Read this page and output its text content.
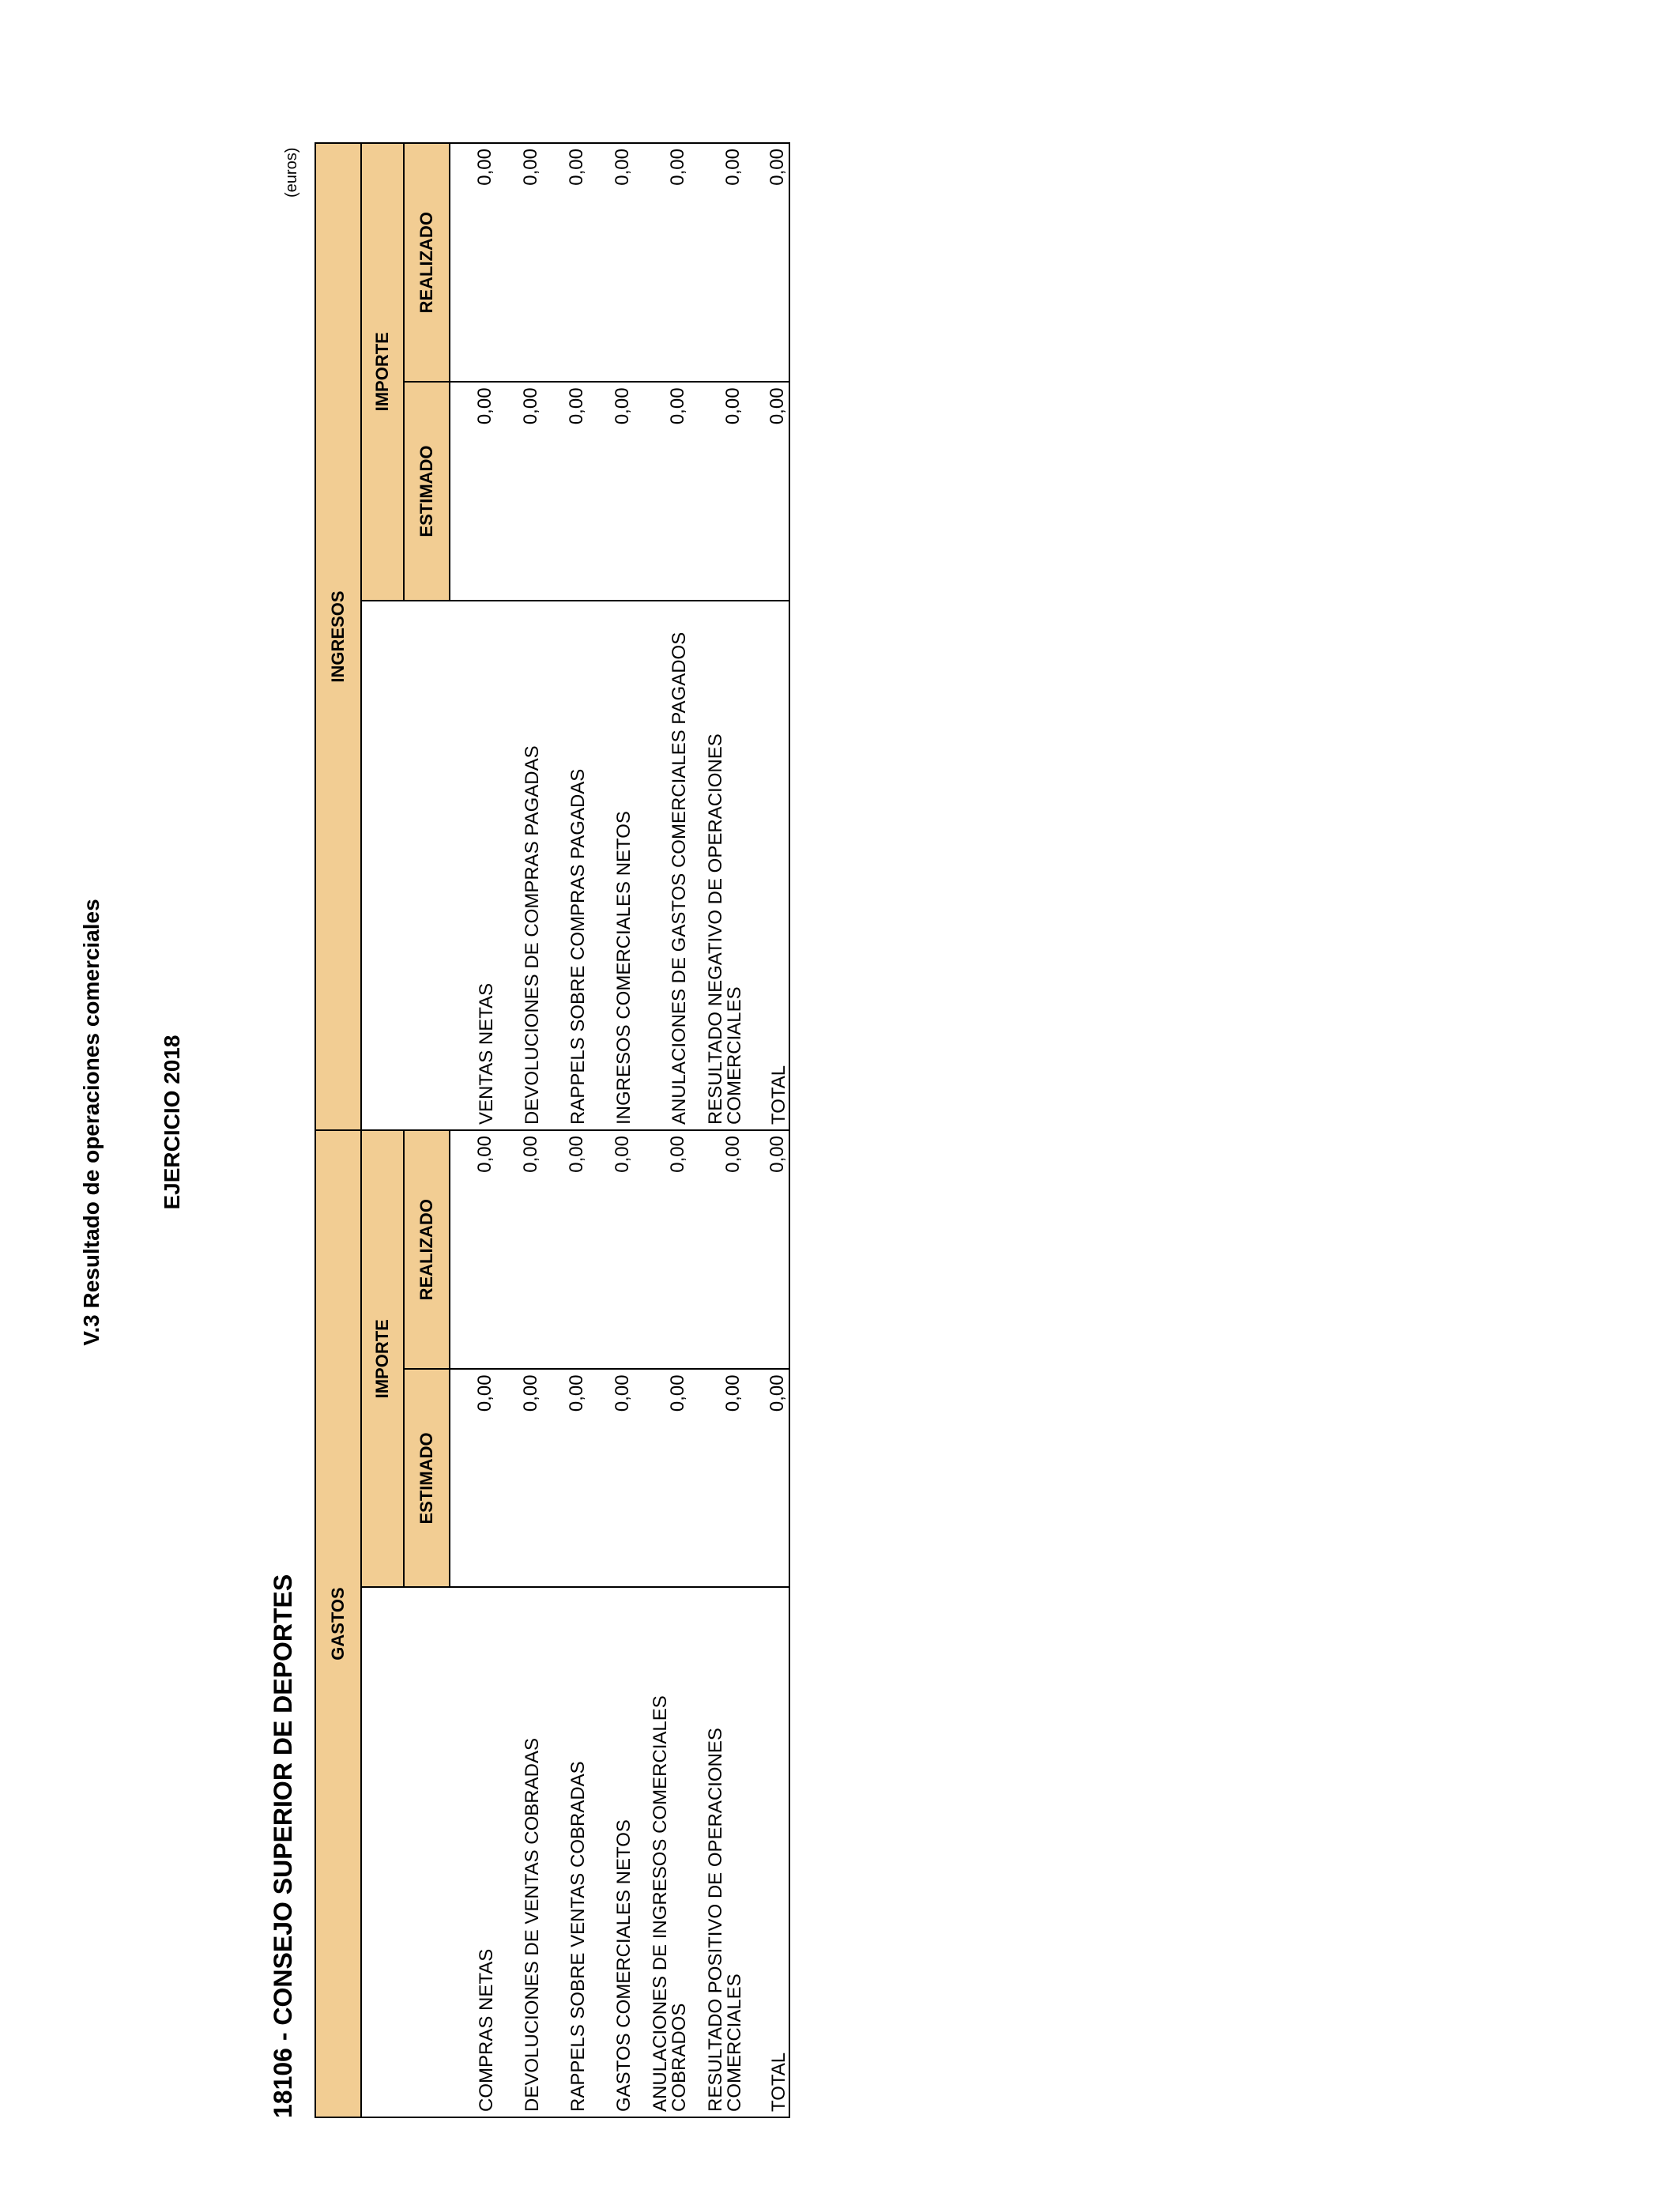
V.3 Resultado de operaciones comerciales	EJERCICIO 2018
18106 - CONSEJO SUPERIOR DE DEPORTES
(euros)
GASTOS			INGRESOS		
	IMPORTE			IMPORTE	
	ESTIMADO	REALIZADO		ESTIMADO	REALIZADO
COMPRAS NETAS	0,00	0,00	VENTAS NETAS	0,00	0,00
DEVOLUCIONES DE VENTAS COBRADAS	0,00	0,00	DEVOLUCIONES DE COMPRAS PAGADAS	0,00	0,00
RAPPELS SOBRE VENTAS COBRADAS	0,00	0,00	RAPPELS SOBRE COMPRAS PAGADAS	0,00	0,00
GASTOS COMERCIALES NETOS	0,00	0,00	INGRESOS COMERCIALES NETOS	0,00	0,00
ANULACIONES DE INGRESOS COMERCIALES COBRADOS	0,00	0,00	ANULACIONES DE GASTOS COMERCIALES PAGADOS	0,00	0,00
RESULTADO POSITIVO DE OPERACIONES COMERCIALES	0,00	0,00	RESULTADO NEGATIVO DE OPERACIONES COMERCIALES	0,00	0,00
TOTAL	0,00	0,00	TOTAL	0,00	0,00
